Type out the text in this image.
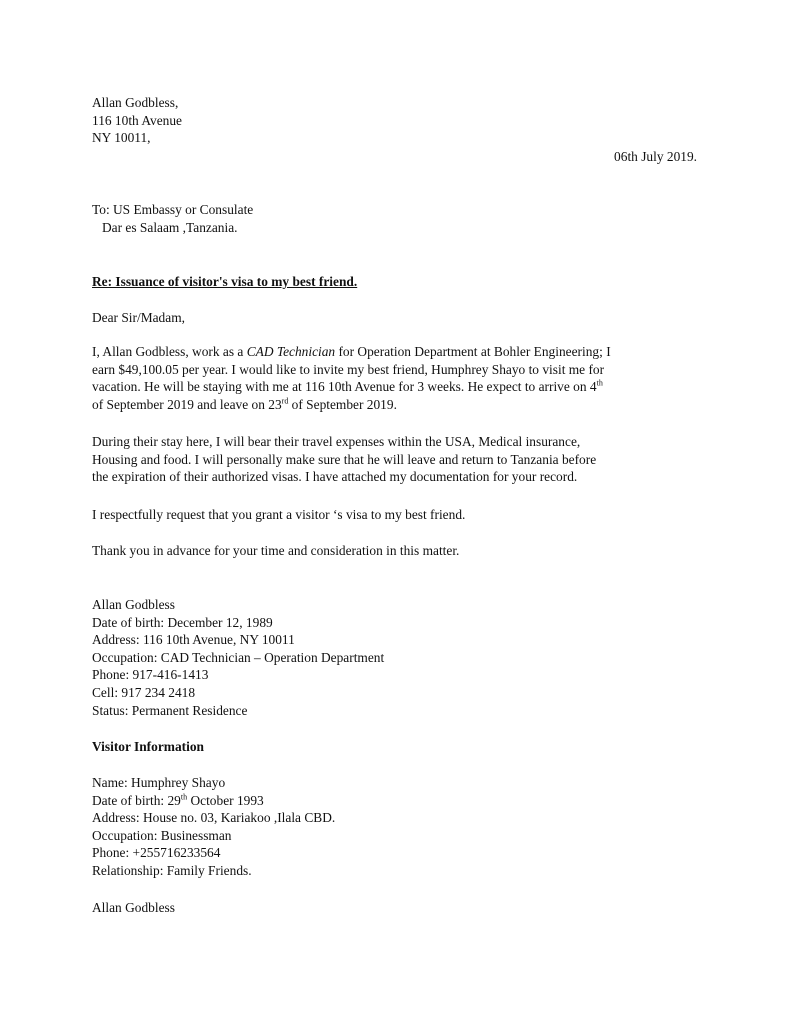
Allan Godbless,
116 10th Avenue
NY 10011,
06th July 2019.
To: US Embassy or Consulate
Dar es Salaam ,Tanzania.
Re: Issuance of visitor's visa to my best friend.
Dear Sir/Madam,
I, Allan Godbless, work as a CAD Technician for Operation Department at Bohler Engineering; I
earn $49,100.05 per year. I would like to invite my best friend, Humphrey Shayo to visit me for
vacation. He will be staying with me at 116 10th Avenue for 3 weeks. He expect to arrive on 4th
of September 2019 and leave on 23rd of September 2019.
During their stay here, I will bear their travel expenses within the USA, Medical insurance,
Housing and food. I will personally make sure that he will leave and return to Tanzania before
the expiration of their authorized visas. I have attached my documentation for your record.
I respectfully request that you grant a visitor ‘s visa to my best friend.
Thank you in advance for your time and consideration in this matter.
Allan Godbless
Date of birth: December 12, 1989
Address: 116 10th Avenue, NY 10011
Occupation: CAD Technician – Operation Department
Phone: 917-416-1413
Cell: 917 234 2418
Status: Permanent Residence
Visitor Information
Name: Humphrey Shayo
Date of birth: 29th October 1993
Address: House no. 03, Kariakoo ,Ilala CBD.
Occupation: Businessman
Phone: +255716233564
Relationship: Family Friends.
Allan Godbless
